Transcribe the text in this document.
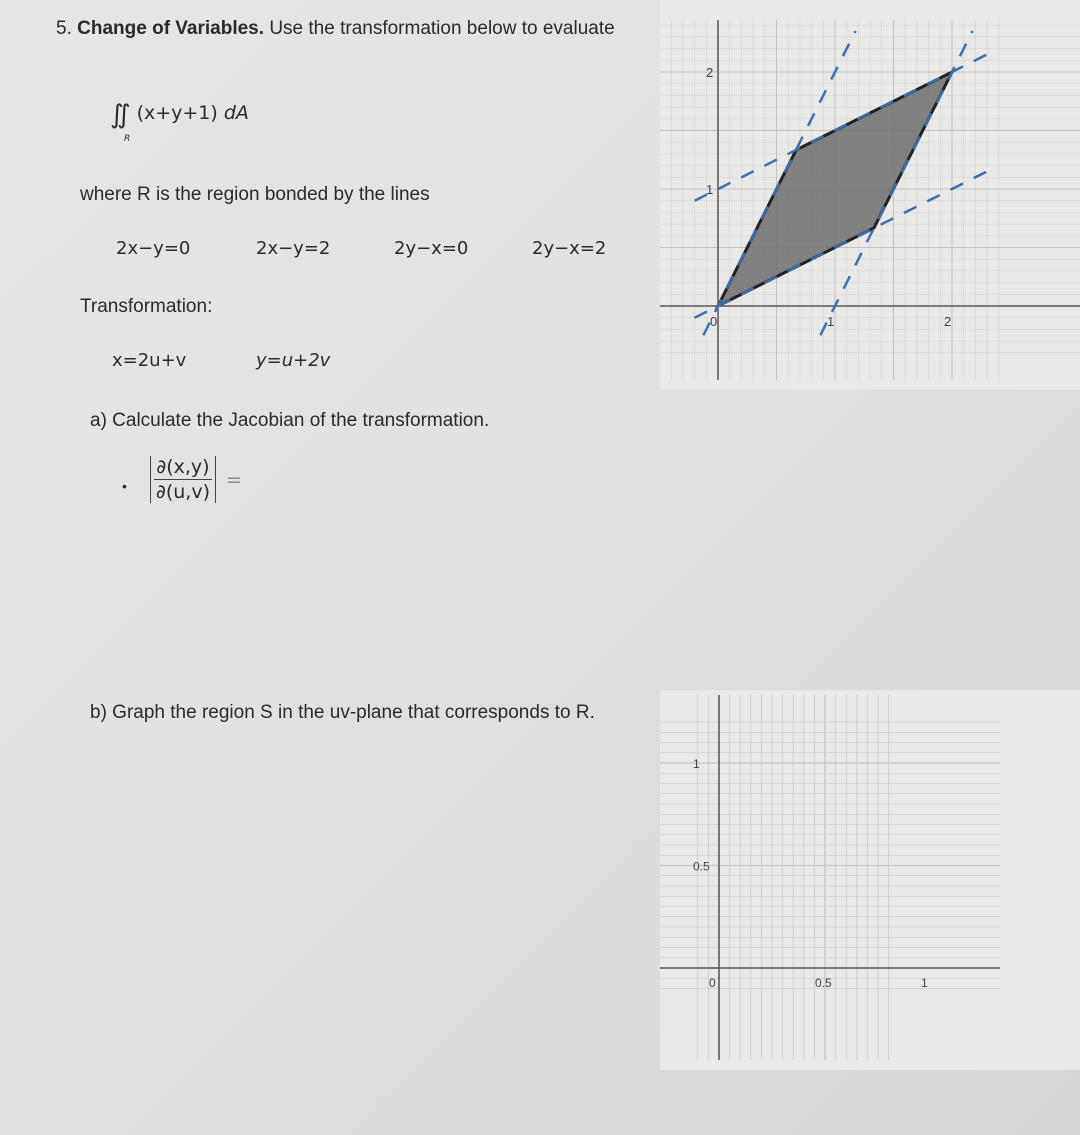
5. Change of Variables. Use the transformation below to evaluate
∬ (x+y+1) dA
R
where R is the region bonded by the lines
2x−y=0	2x−y=2	2y−x=0	2y−x=2
Transformation:
x=2u+v	y=u+2v
a) Calculate the Jacobian of the transformation.
• $\frac{\partial(x,y)}{\partial(u,v)}$ =
b) Graph the region S in the uv-plane that corresponds to R.
0	1	2
1
2
0	0.5	1
0.5
1
